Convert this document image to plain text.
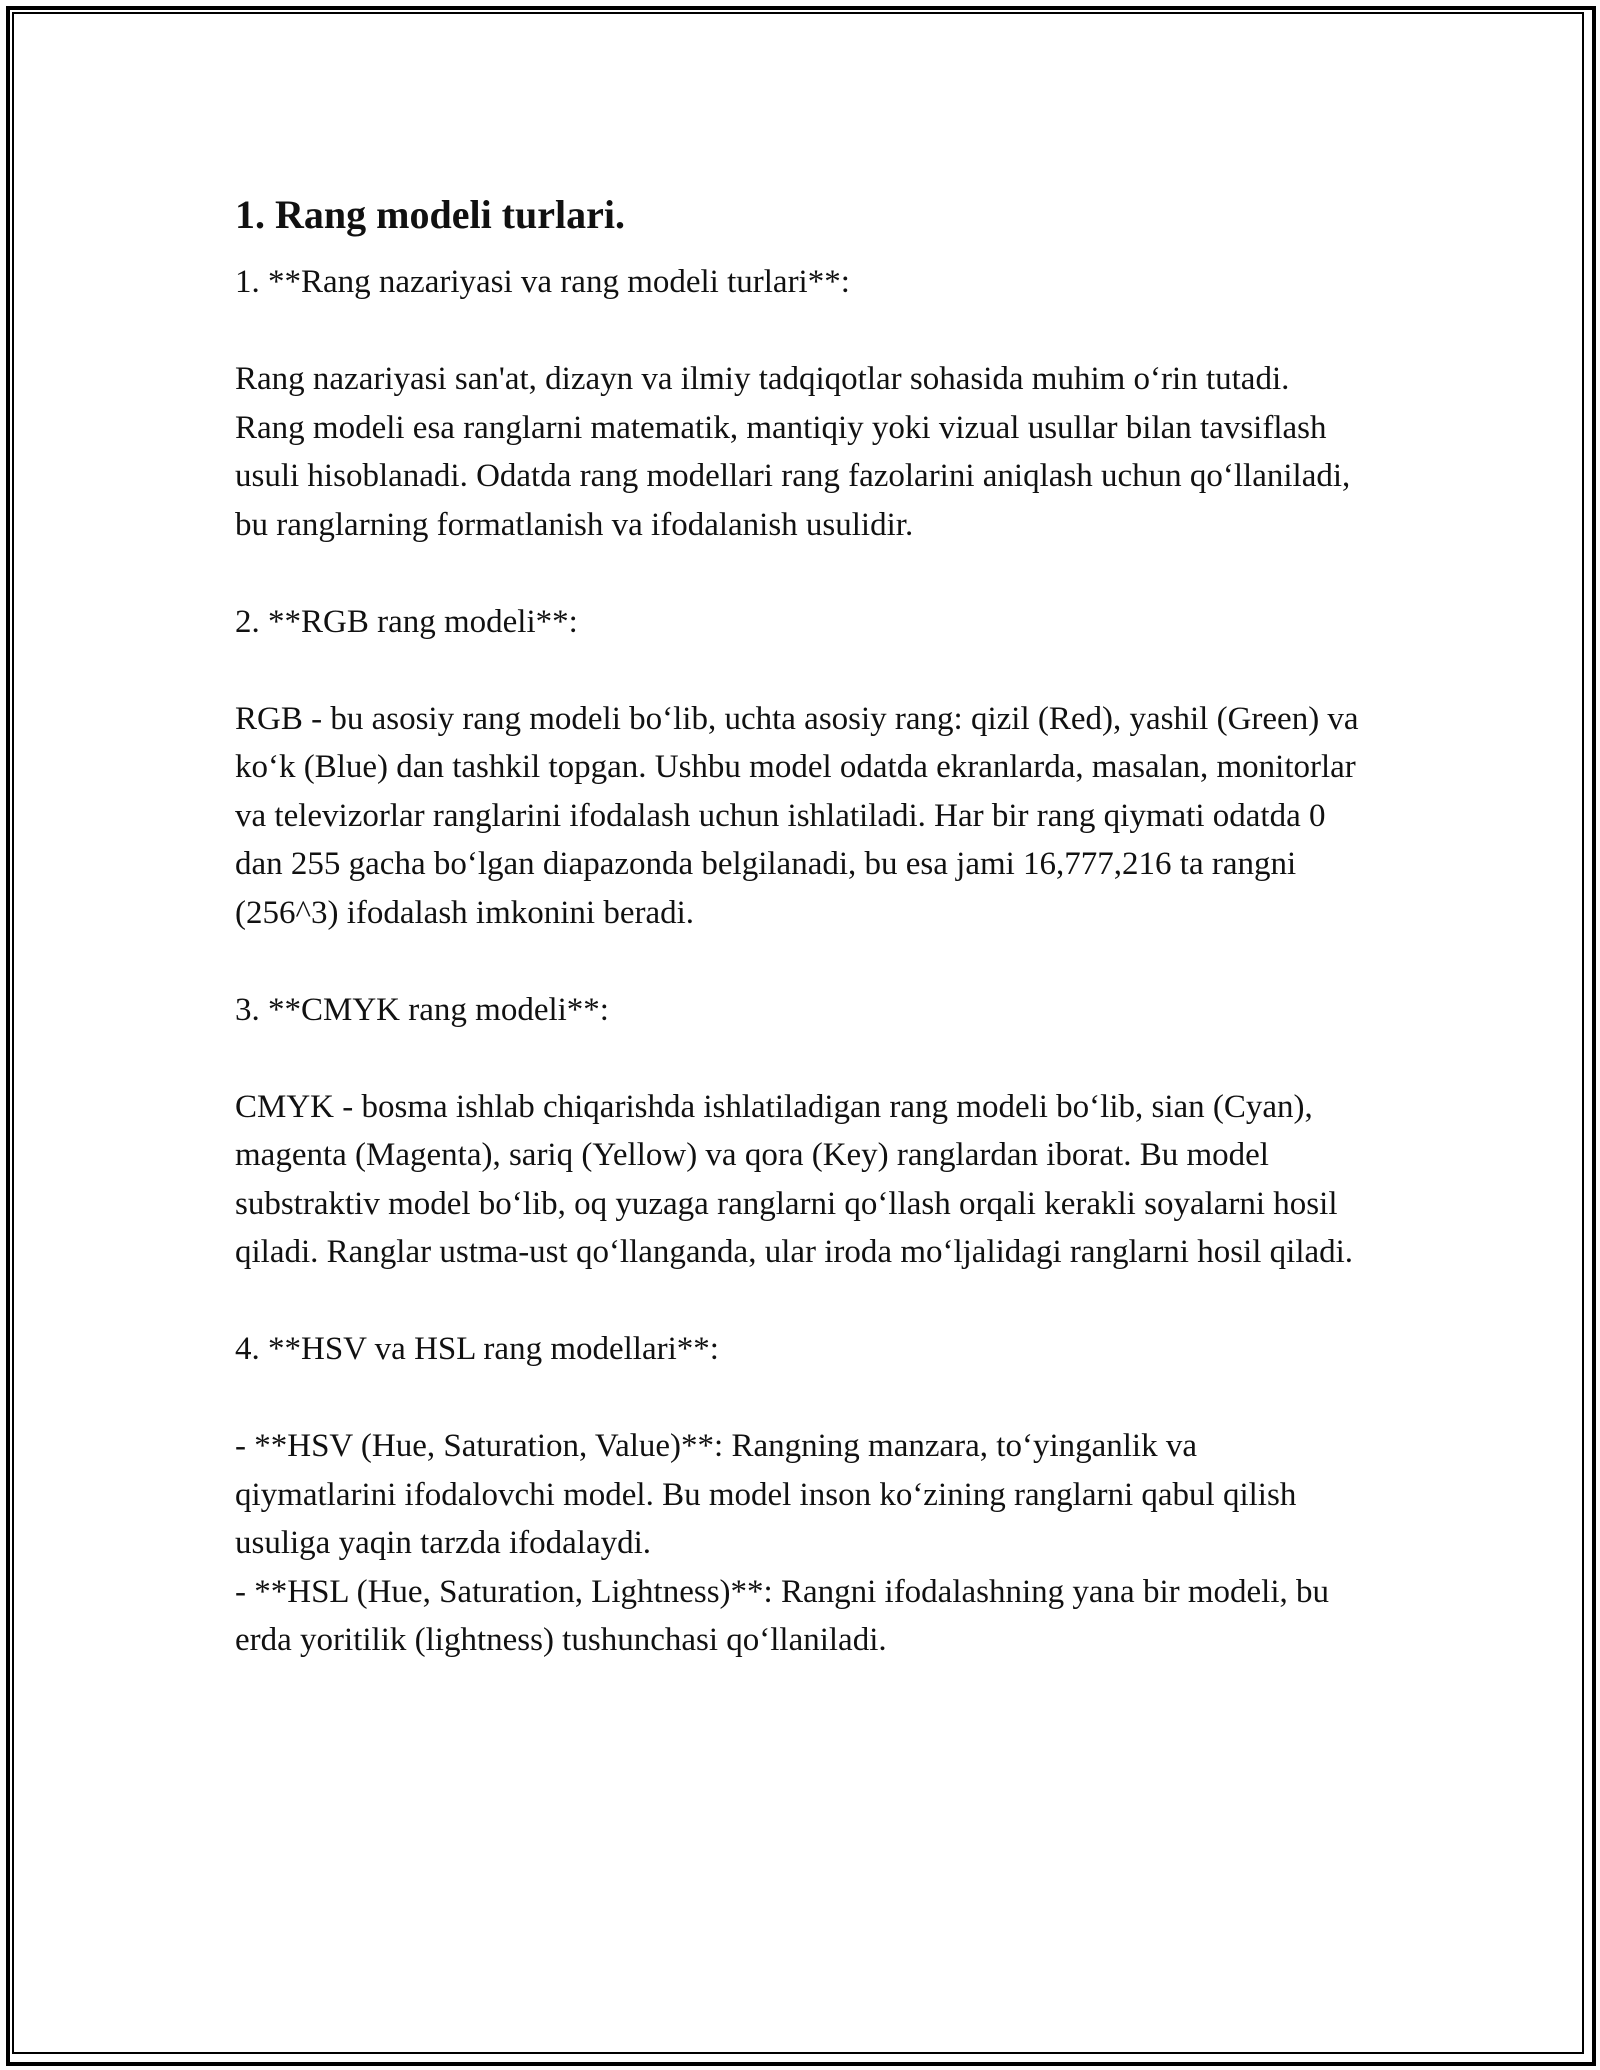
1. Rang modeli turlari.

1. **Rang nazariyasi va rang modeli turlari**:

Rang nazariyasi san'at, dizayn va ilmiy tadqiqotlar sohasida muhim o‘rin tutadi. Rang modeli esa ranglarni matematik, mantiqiy yoki vizual usullar bilan tavsiflash usuli hisoblanadi. Odatda rang modellari rang fazolarini aniqlash uchun qo‘llaniladi, bu ranglarning formatlanish va ifodalanish usulidir.

2. **RGB rang modeli**:

RGB - bu asosiy rang modeli bo‘lib, uchta asosiy rang: qizil (Red), yashil (Green) va ko‘k (Blue) dan tashkil topgan. Ushbu model odatda ekranlarda, masalan, monitorlar va televizorlar ranglarini ifodalash uchun ishlatiladi. Har bir rang qiymati odatda 0 dan 255 gacha bo‘lgan diapazonda belgilanadi, bu esa jami 16,777,216 ta rangni (256^3) ifodalash imkonini beradi.

3. **CMYK rang modeli**:

CMYK - bosma ishlab chiqarishda ishlatiladigan rang modeli bo‘lib, sian (Cyan), magenta (Magenta), sariq (Yellow) va qora (Key) ranglardan iborat. Bu model substraktiv model bo‘lib, oq yuzaga ranglarni qo‘llash orqali kerakli soyalarni hosil qiladi. Ranglar ustma-ust qo‘llanganda, ular iroda mo‘ljalidagi ranglarni hosil qiladi.

4. **HSV va HSL rang modellari**:

- **HSV (Hue, Saturation, Value)**: Rangning manzara, to‘yinganlik va qiymatlarini ifodalovchi model. Bu model inson ko‘zining ranglarni qabul qilish usuliga yaqin tarzda ifodalaydi.
- **HSL (Hue, Saturation, Lightness)**: Rangni ifodalashning yana bir modeli, bu erda yoritilik (lightness) tushunchasi qo‘llaniladi.
